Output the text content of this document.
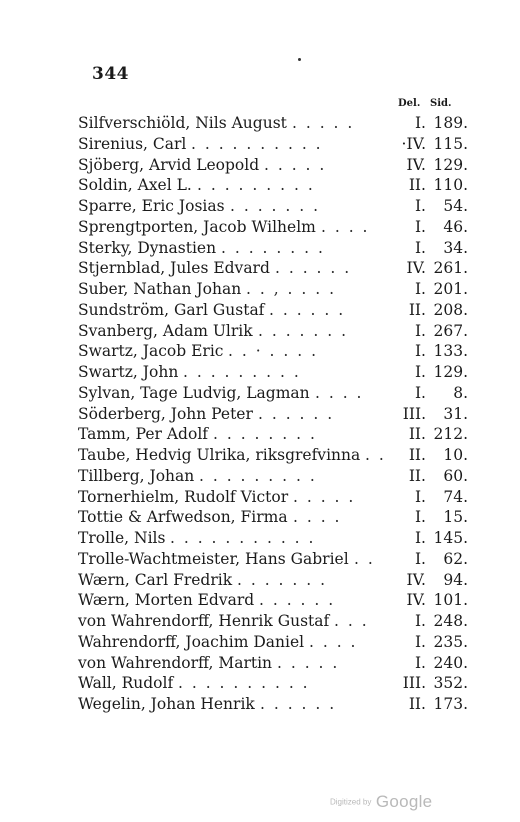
344
Del. Sid.
Silfverschiöld, Nils August . . . . .	I. 189.
Sirenius, Carl . . . . . . . . . .	·IV. 115.
Sjöberg, Arvid Leopold . . . . .	IV. 129.
Soldin, Axel L. . . . . . . . . .	II. 110.
Sparre, Eric Josias . . . . . . .	I.	54.
Sprengtporten, Jacob Wilhelm . . . .	I.	46.
Sterky, Dynastien . . . . . . . .	I.	34.
Stjernblad, Jules Edvard . . . . . .	IV. 261.
Suber, Nathan Johan . . , . . . .	I. 201.
Sundström, Garl Gustaf . . . . . .	II. 208.
Svanberg, Adam Ulrik . . . . . . .	I. 267.
Swartz, Jacob Eric . . · . . . .	I. 133.
Swartz, John . . . . . . . . .	I. 129.
Sylvan, Tage Ludvig, Lagman . . . .	I.	8.
Söderberg, John Peter . . . . . .	III.	31.
Tamm, Per Adolf . . . . . . . .	II. 212.
Taube, Hedvig Ulrika, riksgrefvinna . . II.	10.
Tillberg, Johan . . . . . . . . .	II.	60.
Tornerhielm, Rudolf Victor . . . . .	I.	74.
Tottie & Arfwedson, Firma . . . .	I.	15.
Trolle, Nils . . . . . . . . . . .	I. 145.
Trolle-Wachtmeister, Hans Gabriel . .	I.	62.
Wærn, Carl Fredrik . . . . . . .	IV.	94.
Wærn, Morten Edvard . . . . . .	IV. 101.
von Wahrendorff, Henrik Gustaf . . .	I. 248.
Wahrendorff, Joachim Daniel . . . .	I. 235.
von Wahrendorff, Martin . . . . .	I. 240.
Wall, Rudolf . . . . . . . . . .	III. 352.
Wegelin, Johan Henrik . . . . . .	II. 173.
Digitized by Google
